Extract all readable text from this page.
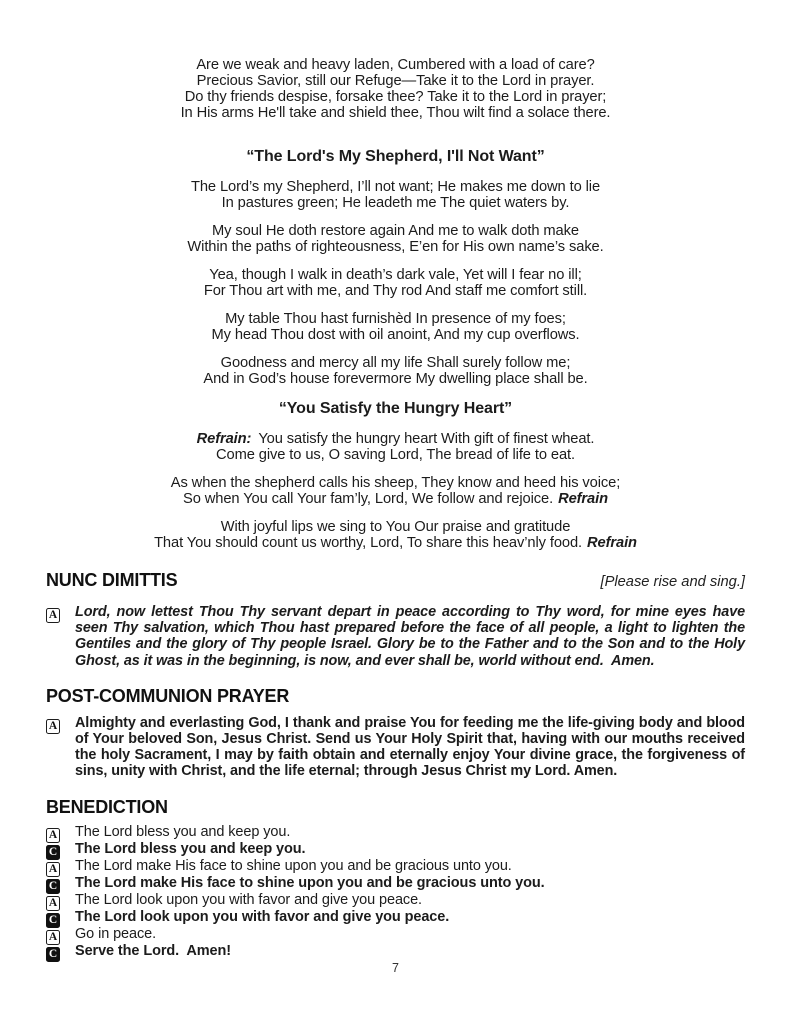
Are we weak and heavy laden, Cumbered with a load of care?
Precious Savior, still our Refuge—Take it to the Lord in prayer.
Do thy friends despise, forsake thee? Take it to the Lord in prayer;
In His arms He'll take and shield thee, Thou wilt find a solace there.
“The Lord's My Shepherd, I'll Not Want”
The Lord’s my Shepherd, I’ll not want; He makes me down to lie
In pastures green; He leadeth me The quiet waters by.
My soul He doth restore again And me to walk doth make
Within the paths of righteousness, E’en for His own name’s sake.
Yea, though I walk in death’s dark vale, Yet will I fear no ill;
For Thou art with me, and Thy rod And staff me comfort still.
My table Thou hast furnishèd In presence of my foes;
My head Thou dost with oil anoint, And my cup overflows.
Goodness and mercy all my life Shall surely follow me;
And in God’s house forevermore My dwelling place shall be.
“You Satisfy the Hungry Heart”
Refrain: You satisfy the hungry heart With gift of finest wheat.
Come give to us, O saving Lord, The bread of life to eat.
As when the shepherd calls his sheep, They know and heed his voice;
So when You call Your fam’ly, Lord, We follow and rejoice. Refrain
With joyful lips we sing to You Our praise and gratitude
That You should count us worthy, Lord, To share this heav’nly food. Refrain
NUNC DIMITTIS	[Please rise and sing.]
A	Lord, now lettest Thou Thy servant depart in peace according to Thy word, for mine eyes have seen Thy salvation, which Thou hast prepared before the face of all people, a light to lighten the Gentiles and the glory of Thy people Israel. Glory be to the Father and to the Son and to the Holy Ghost, as it was in the beginning, is now, and ever shall be, world without end.  Amen.
POST-COMMUNION PRAYER
A	Almighty and everlasting God, I thank and praise You for feeding me the life-giving body and blood of Your beloved Son, Jesus Christ. Send us Your Holy Spirit that, having with our mouths received the holy Sacrament, I may by faith obtain and eternally enjoy Your divine grace, the forgiveness of sins, unity with Christ, and the life eternal; through Jesus Christ my Lord. Amen.
BENEDICTION
A	The Lord bless you and keep you.
C	The Lord bless you and keep you.
A	The Lord make His face to shine upon you and be gracious unto you.
C	The Lord make His face to shine upon you and be gracious unto you.
A	The Lord look upon you with favor and give you peace.
C	The Lord look upon you with favor and give you peace.
A	Go in peace.
C	Serve the Lord.  Amen!
7
